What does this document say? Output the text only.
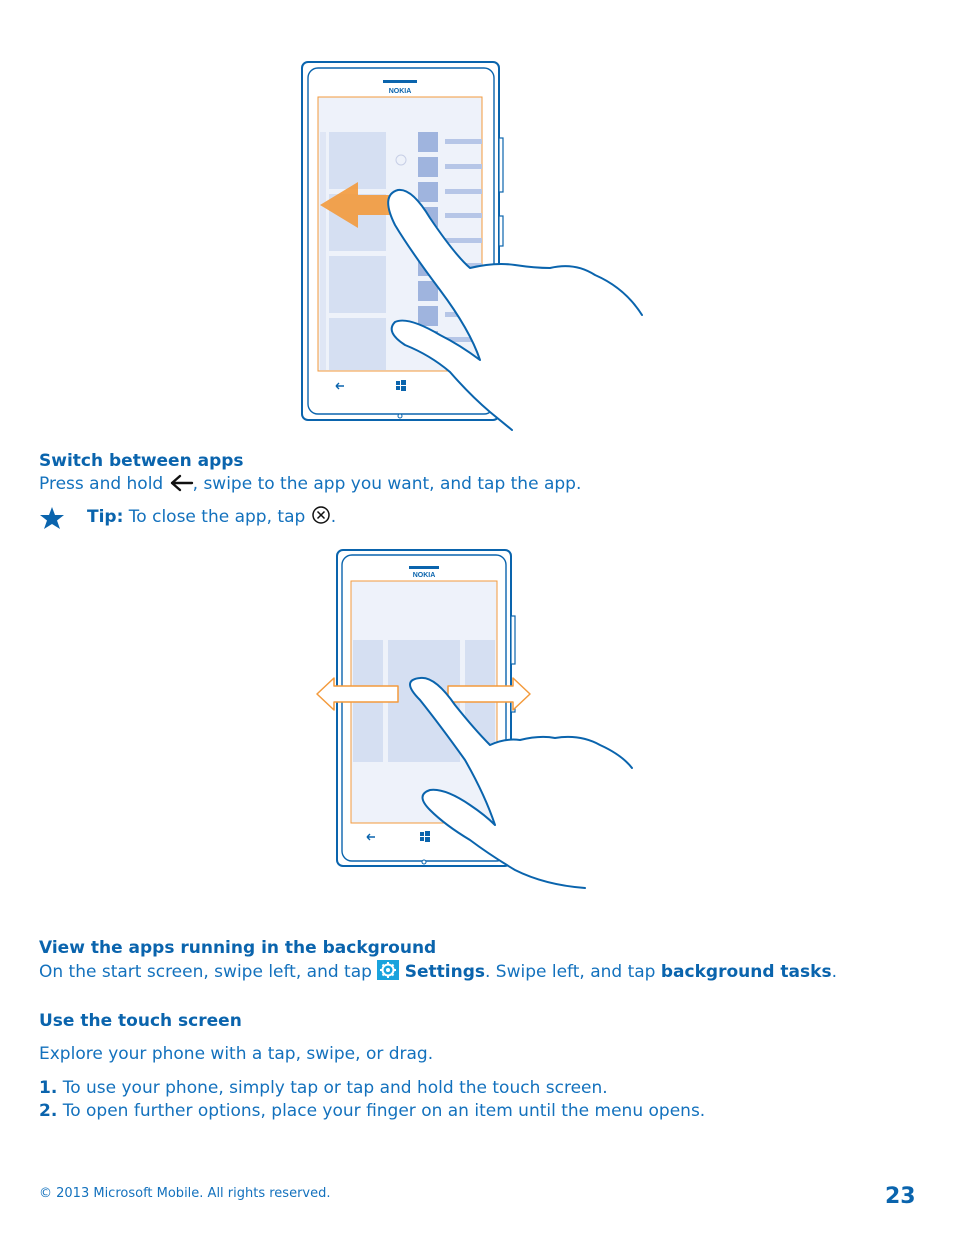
NOKIA
Switch between apps
Press and hold , swipe to the app you want, and tap the app.
Tip: To close the app, tap .
NOKIA
View the apps running in the background
On the start screen, swipe left, and tap Settings. Swipe left, and tap background tasks.
Use the touch screen
Explore your phone with a tap, swipe, or drag.
1. To use your phone, simply tap or tap and hold the touch screen.
2. To open further options, place your finger on an item until the menu opens.
© 2013 Microsoft Mobile. All rights reserved.	23
